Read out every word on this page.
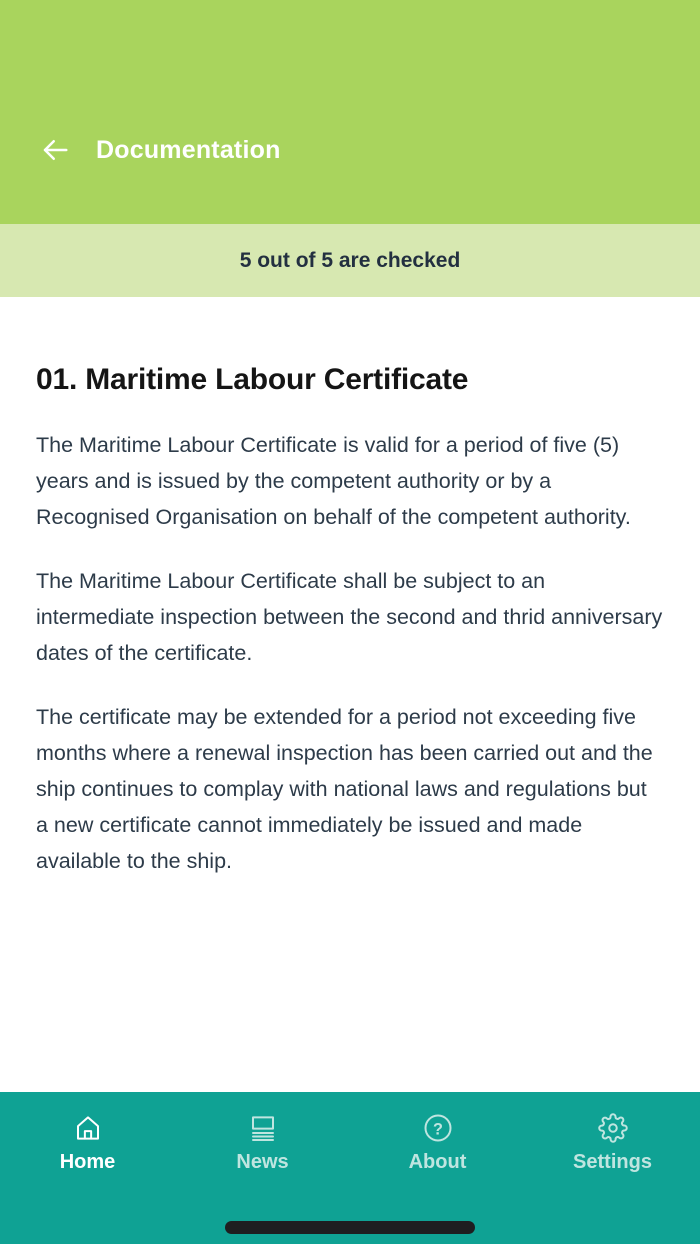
Documentation
5 out of 5 are checked
01. Maritime Labour Certificate

The Maritime Labour Certificate is valid for a period of five (5) years and is issued by the competent authority or by a Recognised Organisation on behalf of the competent authority.

The Maritime Labour Certificate shall be subject to an intermediate inspection between the second and thrid anniversary dates of the certificate.

The certificate may be extended for a period not exceeding five months where a renewal inspection has been carried out and the ship continues to complay with national laws and regulations but a new certificate cannot immediately be issued and made available to the ship.

Home	News
?
About	Settings
